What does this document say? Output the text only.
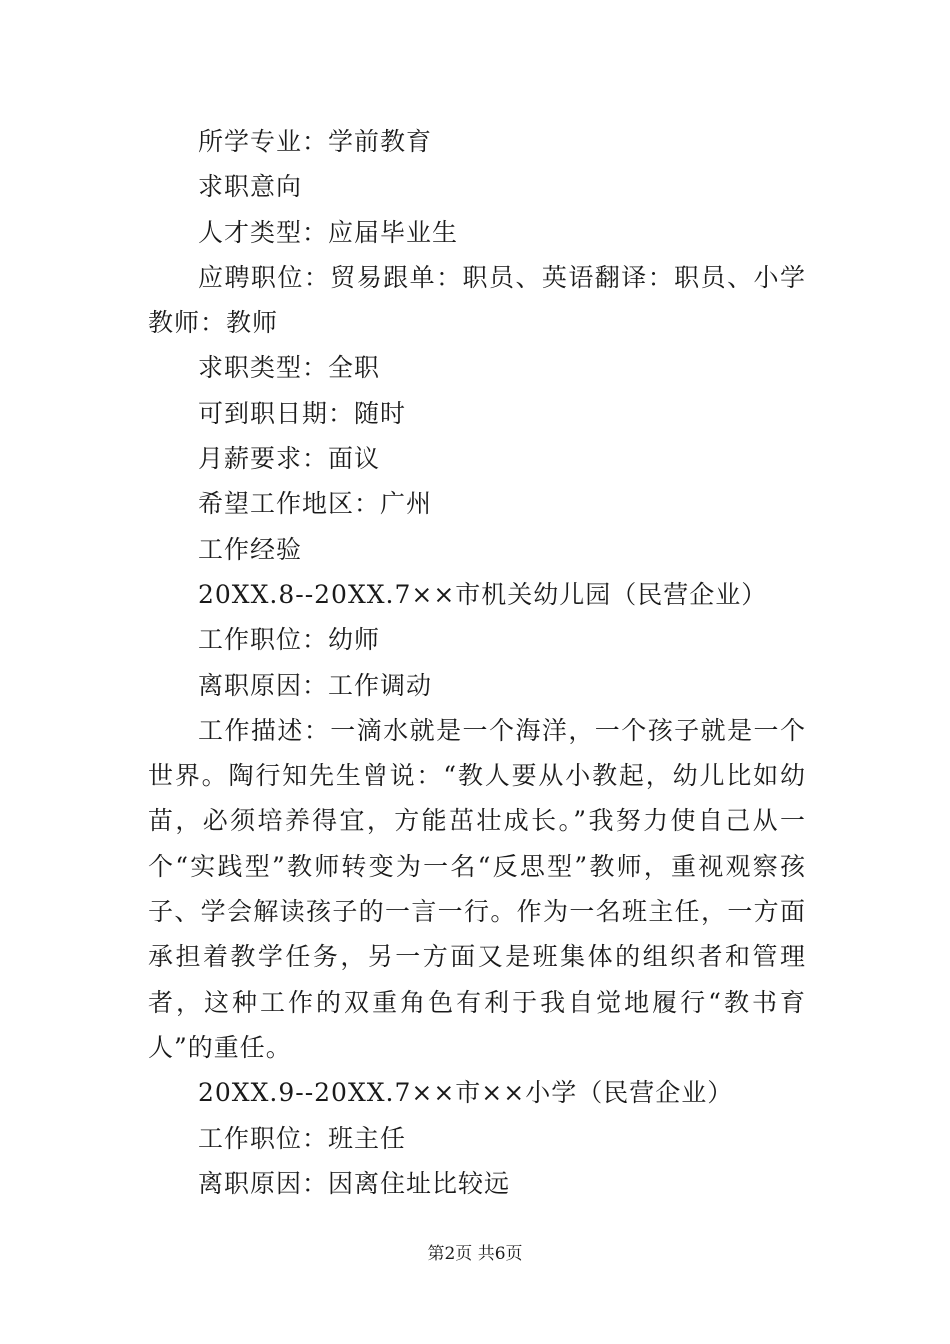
所学专业：学前教育
求职意向
人才类型：应届毕业生
应聘职位：贸易跟单：职员、英语翻译：职员、小学教师：教师
求职类型：全职
可到职日期：随时
月薪要求：面议
希望工作地区：广州
工作经验
20XX.8--20XX.7××市机关幼儿园（民营企业）
工作职位：幼师
离职原因：工作调动
工作描述：一滴水就是一个海洋，一个孩子就是一个世界。陶行知先生曾说：“教人要从小教起，幼儿比如幼苗，必须培养得宜，方能茁壮成长。”我努力使自己从一个“实践型”教师转变为一名“反思型”教师，重视观察孩子、学会解读孩子的一言一行。作为一名班主任，一方面承担着教学任务，另一方面又是班集体的组织者和管理者，这种工作的双重角色有利于我自觉地履行“教书育人”的重任。
20XX.9--20XX.7××市××小学（民营企业）
工作职位：班主任
离职原因：因离住址比较远
第2页 共6页
